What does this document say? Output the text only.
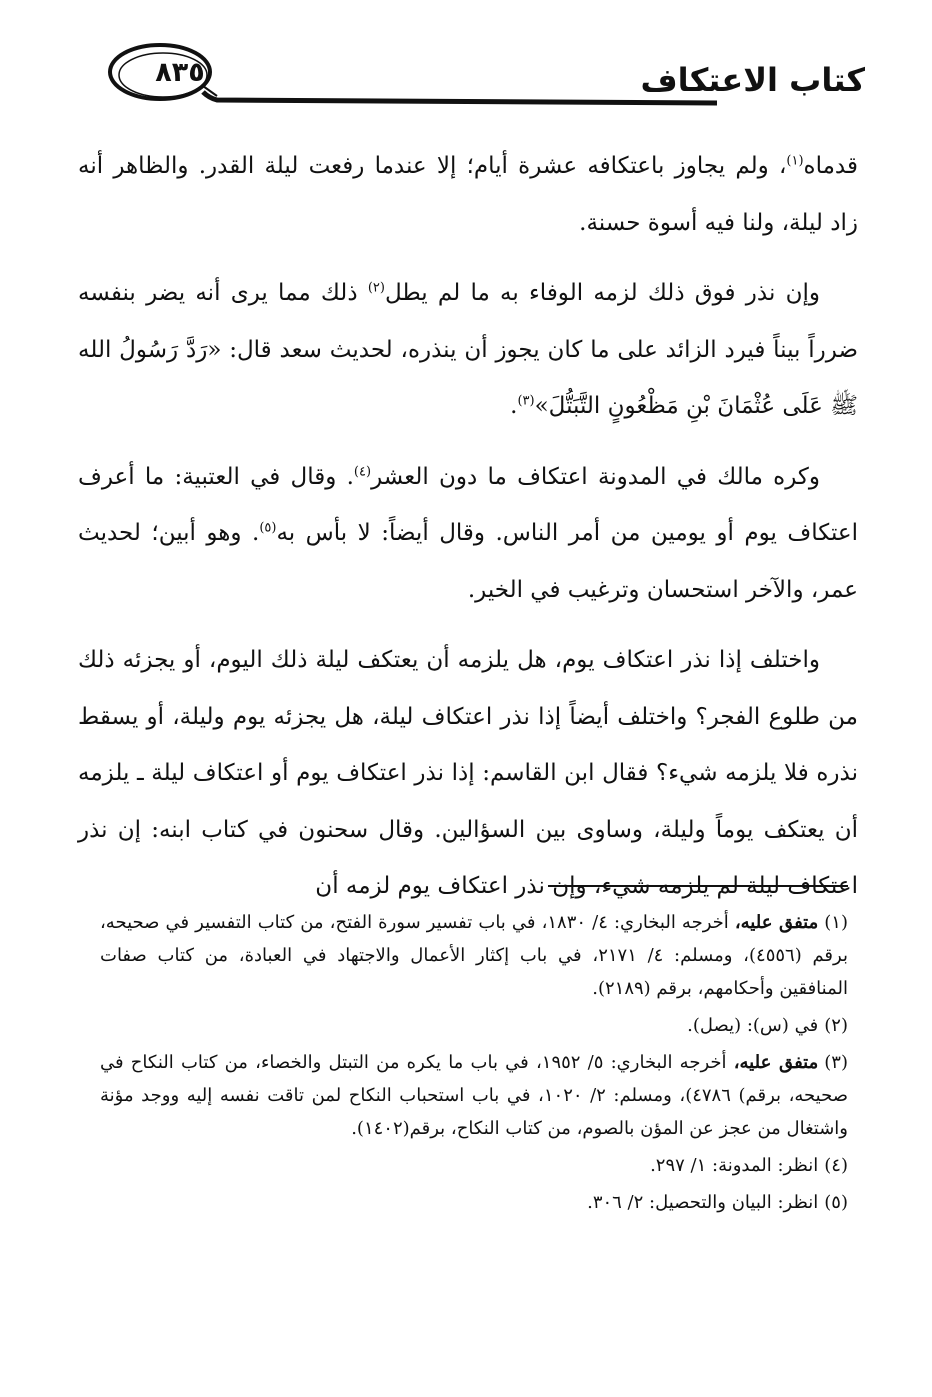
٨٣٥	كتاب الاعتكاف

قدماه$^{(١)}$، ولم يجاوز باعتكافه عشرة أيام؛ إلا عندما رفعت ليلة القدر. والظاهر أنه زاد ليلة، ولنا فيه أسوة حسنة.

وإن نذر فوق ذلك لزمه الوفاء به ما لم يطل$^{(٢)}$ ذلك مما يرى أنه يضر بنفسه ضرراً بيناً فيرد الزائد على ما كان يجوز أن ينذره، لحديث سعد قال: «رَدَّ رَسُولُ الله ﷺ عَلَى عُثْمَانَ بْنِ مَظْعُونٍ التَّبَتُّلَ»$^{(٣)}$.

وكره مالك في المدونة اعتكاف ما دون العشر$^{(٤)}$. وقال في العتبية: ما أعرف اعتكاف يوم أو يومين من أمر الناس. وقال أيضاً: لا بأس به$^{(٥)}$. وهو أبين؛ لحديث عمر، والآخر استحسان وترغيب في الخير.

واختلف إذا نذر اعتكاف يوم، هل يلزمه أن يعتكف ليلة ذلك اليوم، أو يجزئه ذلك من طلوع الفجر؟ واختلف أيضاً إذا نذر اعتكاف ليلة، هل يجزئه يوم وليلة، أو يسقط نذره فلا يلزمه شيء؟ فقال ابن القاسم: إذا نذر اعتكاف يوم أو اعتكاف ليلة ـ يلزمه أن يعتكف يوماً وليلة، وساوى بين السؤالين. وقال سحنون في كتاب ابنه: إن نذر اعتكاف ليلة لم يلزمه شيء، وإن نذر اعتكاف يوم لزمه أن

(١)متفق عليه، أخرجه البخاري: ٤/ ١٨٣٠، في باب تفسير سورة الفتح، من كتاب التفسير في صحيحه، برقم (٤٥٥٦)، ومسلم: ٤/ ٢١٧١، في باب إكثار الأعمال والاجتهاد في العبادة، من كتاب صفات المنافقين وأحكامهم، برقم (٢١٨٩).

(٢)في (س): (يصل).

(٣)متفق عليه، أخرجه البخاري: ٥/ ١٩٥٢، في باب ما يكره من التبتل والخصاء، من كتاب النكاح في صحيحه، برقم) ٤٧٨٦)، ومسلم: ٢/ ١٠٢٠، في باب استحباب النكاح لمن تاقت نفسه إليه ووجد مؤنة واشتغال من عجز عن المؤن بالصوم، من كتاب النكاح، برقم(١٤٠٢).

(٤)انظر: المدونة: ١/ ٢٩٧.

(٥)انظر: البيان والتحصيل: ٢/ ٣٠٦.
